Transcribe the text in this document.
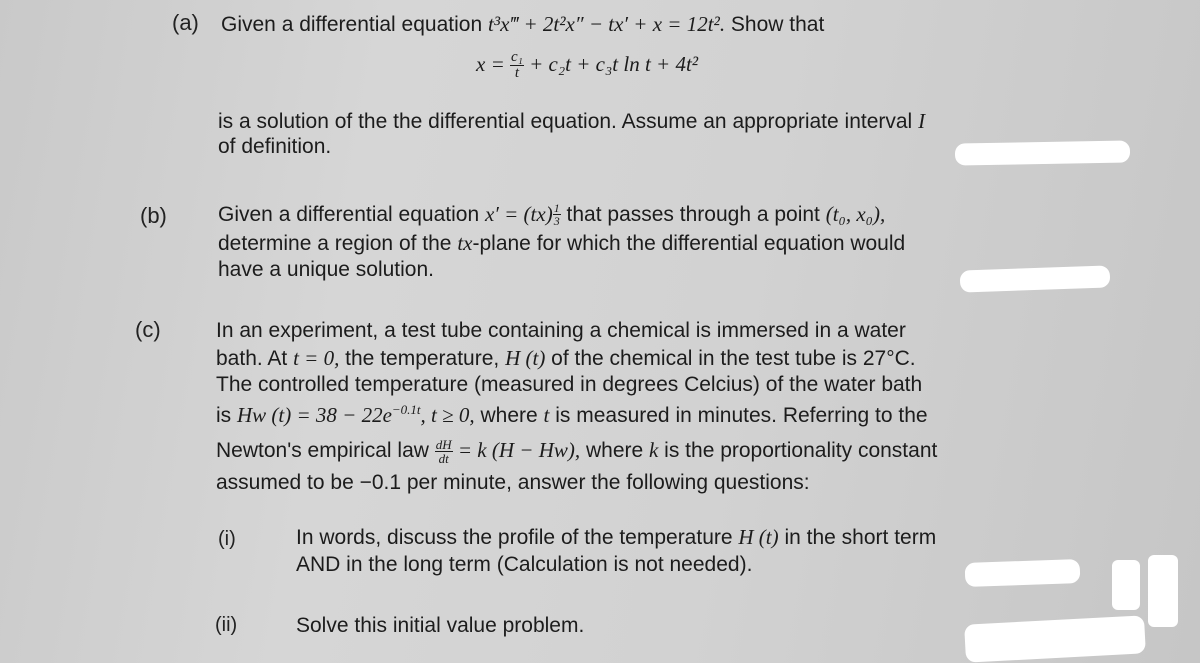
(a) Given a differential equation t³x‴ + 2t²x″ − tx′ + x = 12t². Show that
$x = \frac{\text{c₁}}{t} + c_2t + c_3t$ ln t + 4t²
is a solution of the the differential equation. Assume an appropriate interval I
of definition.
(b) Given a differential equation $x' = (tx) \frac{1}{3}$ that passes through a point (t₀, x₀),
determine a region of the tx-plane for which the differential equation would
have a unique solution.
(c)	In an experiment, a test tube containing a chemical is immersed in a water
bath. At t = 0, the temperature, H (t) of the chemical in the test tube is 27°C.
The controlled temperature (measured in degrees Celcius) of the water bath
is Hw $(t) = 38 - 22e^{-0.1t}$, t ≥ 0, where t is measured in minutes. Referring to the
Newton's empirical law $\frac{dH}{dt} = k$ (H − Hw), where k is the proportionality constant
assumed to be −0.1 per minute, answer the following questions:
(i)	In words, discuss the profile of the temperature H (t) in the short term
AND in the long term (Calculation is not needed).
(ii)	Solve this initial value problem.
